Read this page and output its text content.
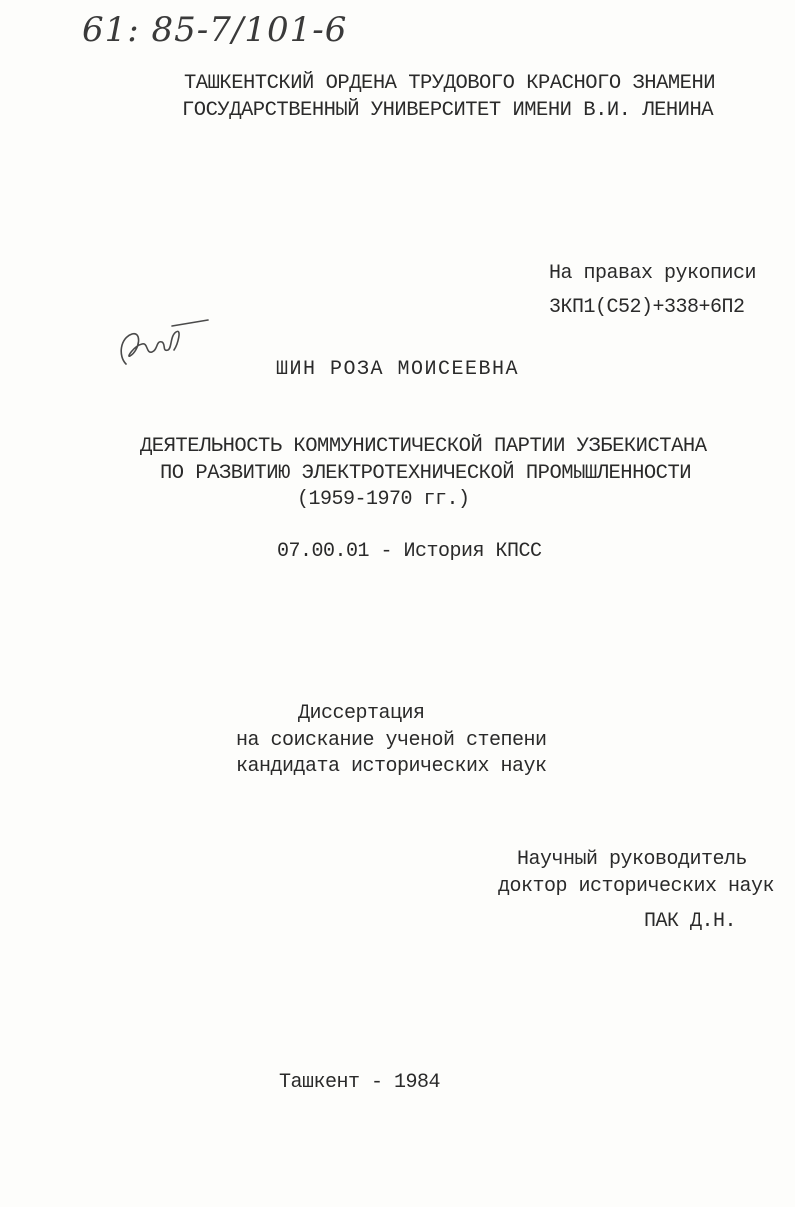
61: 85-7/101-6
ТАШКЕНТСКИЙ ОРДЕНА ТРУДОВОГО КРАСНОГО ЗНАМЕНИ
ГОСУДАРСТВЕННЫЙ УНИВЕРСИТЕТ ИМЕНИ В.И. ЛЕНИНА
На правах рукописи
3КП1(С52)+338+6П2
ШИН РОЗА МОИСЕЕВНА
ДЕЯТЕЛЬНОСТЬ КОММУНИСТИЧЕСКОЙ ПАРТИИ УЗБЕКИСТАНА
ПО РАЗВИТИЮ ЭЛЕКТРОТЕХНИЧЕСКОЙ ПРОМЫШЛЕННОСТИ
(1959-1970 гг.)
07.00.01 - История КПСС
Диссертация
на соискание ученой степени
кандидата исторических наук
Научный руководитель
доктор исторических наук
ПАК Д.Н.
Ташкент - 1984
